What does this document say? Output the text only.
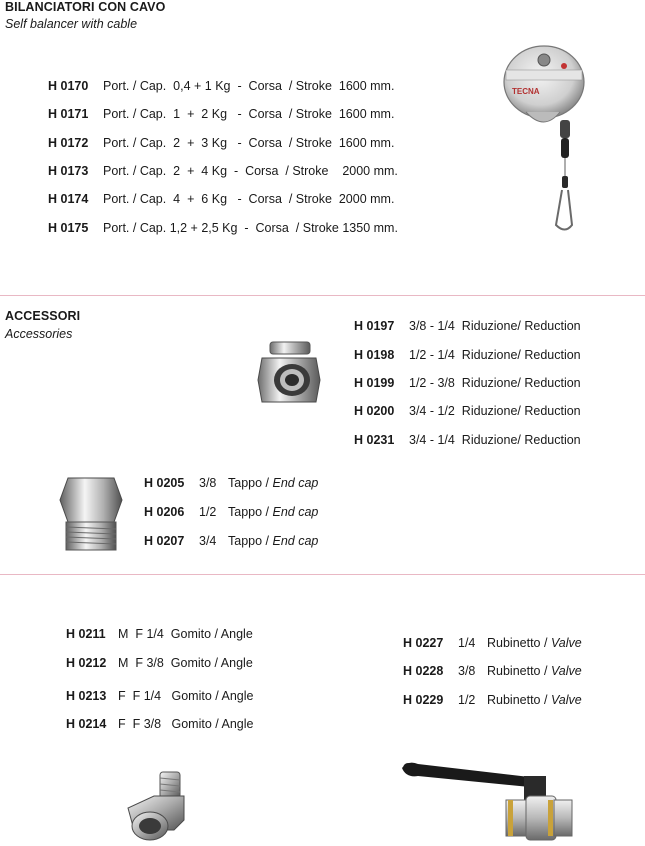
BILANCIATORI CON CAVO
Self balancer with cable
H 0170 Port. / Cap.  0,4 + 1 Kg  -  Corsa  / Stroke  1600 mm.
H 0171 Port. / Cap.  1  +  2 Kg   -  Corsa  / Stroke  1600 mm.
H 0172 Port. / Cap.  2  +  3 Kg   -  Corsa  / Stroke  1600 mm.
H 0173 Port. / Cap.  2  +  4 Kg  -  Corsa  / Stroke    2000 mm.
H 0174 Port. / Cap.  4  +  6 Kg   -  Corsa  / Stroke  2000 mm.
H 0175 Port. / Cap. 1,2 + 2,5 Kg  -  Corsa  / Stroke 1350 mm.
TECNA
ACCESSORI
Accessories
H 0197 3/8 - 1/4  Riduzione/ Reduction
H 0198 1/2 - 1/4  Riduzione/ Reduction
H 0199 1/2 - 3/8  Riduzione/ Reduction
H 0200 3/4 - 1/2  Riduzione/ Reduction
H 0231 3/4 - 1/4  Riduzione/ Reduction
H 0205 3/8 Tappo / End cap
H 0206 1/2 Tappo / End cap
H 0207 3/4 Tappo / End cap
H 0211 M  F 1/4  Gomito / Angle
H 0212 M  F 3/8  Gomito / Angle
H 0213 F  F 1/4   Gomito / Angle
H 0214 F  F 3/8   Gomito / Angle
H 0227 1/4 Rubinetto / Valve
H 0228 3/8 Rubinetto / Valve
H 0229 1/2 Rubinetto / Valve
